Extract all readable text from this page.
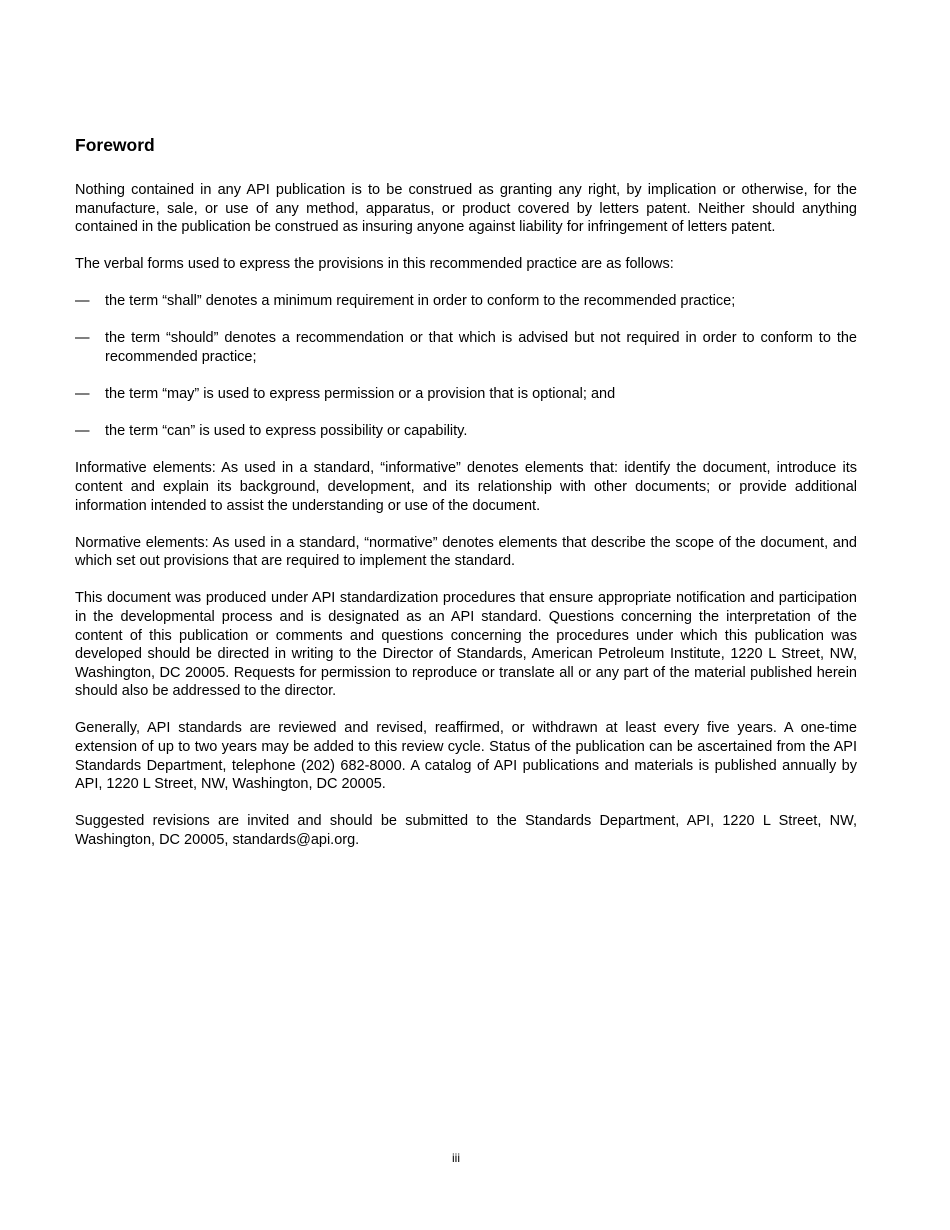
Foreword

Nothing contained in any API publication is to be construed as granting any right, by implication or otherwise, for the manufacture, sale, or use of any method, apparatus, or product covered by letters patent. Neither should anything contained in the publication be construed as insuring anyone against liability for infringement of letters patent.

The verbal forms used to express the provisions in this recommended practice are as follows:

— the term “shall” denotes a minimum requirement in order to conform to the recommended practice;
— the term “should” denotes a recommendation or that which is advised but not required in order to conform to the recommended practice;
— the term “may” is used to express permission or a provision that is optional; and
— the term “can” is used to express possibility or capability.

Informative elements: As used in a standard, “informative” denotes elements that: identify the document, introduce its content and explain its background, development, and its relationship with other documents; or provide additional information intended to assist the understanding or use of the document.

Normative elements: As used in a standard, “normative” denotes elements that describe the scope of the document, and which set out provisions that are required to implement the standard.

This document was produced under API standardization procedures that ensure appropriate notification and participation in the developmental process and is designated as an API standard. Questions concerning the interpretation of the content of this publication or comments and questions concerning the procedures under which this publication was developed should be directed in writing to the Director of Standards, American Petroleum Institute, 1220 L Street, NW, Washington, DC 20005. Requests for permission to reproduce or translate all or any part of the material published herein should also be addressed to the director.

Generally, API standards are reviewed and revised, reaffirmed, or withdrawn at least every five years. A one-time extension of up to two years may be added to this review cycle. Status of the publication can be ascertained from the API Standards Department, telephone (202) 682-8000. A catalog of API publications and materials is published annually by API, 1220 L Street, NW, Washington, DC 20005.

Suggested revisions are invited and should be submitted to the Standards Department, API, 1220 L Street, NW, Washington, DC 20005, standards@api.org.

iii
